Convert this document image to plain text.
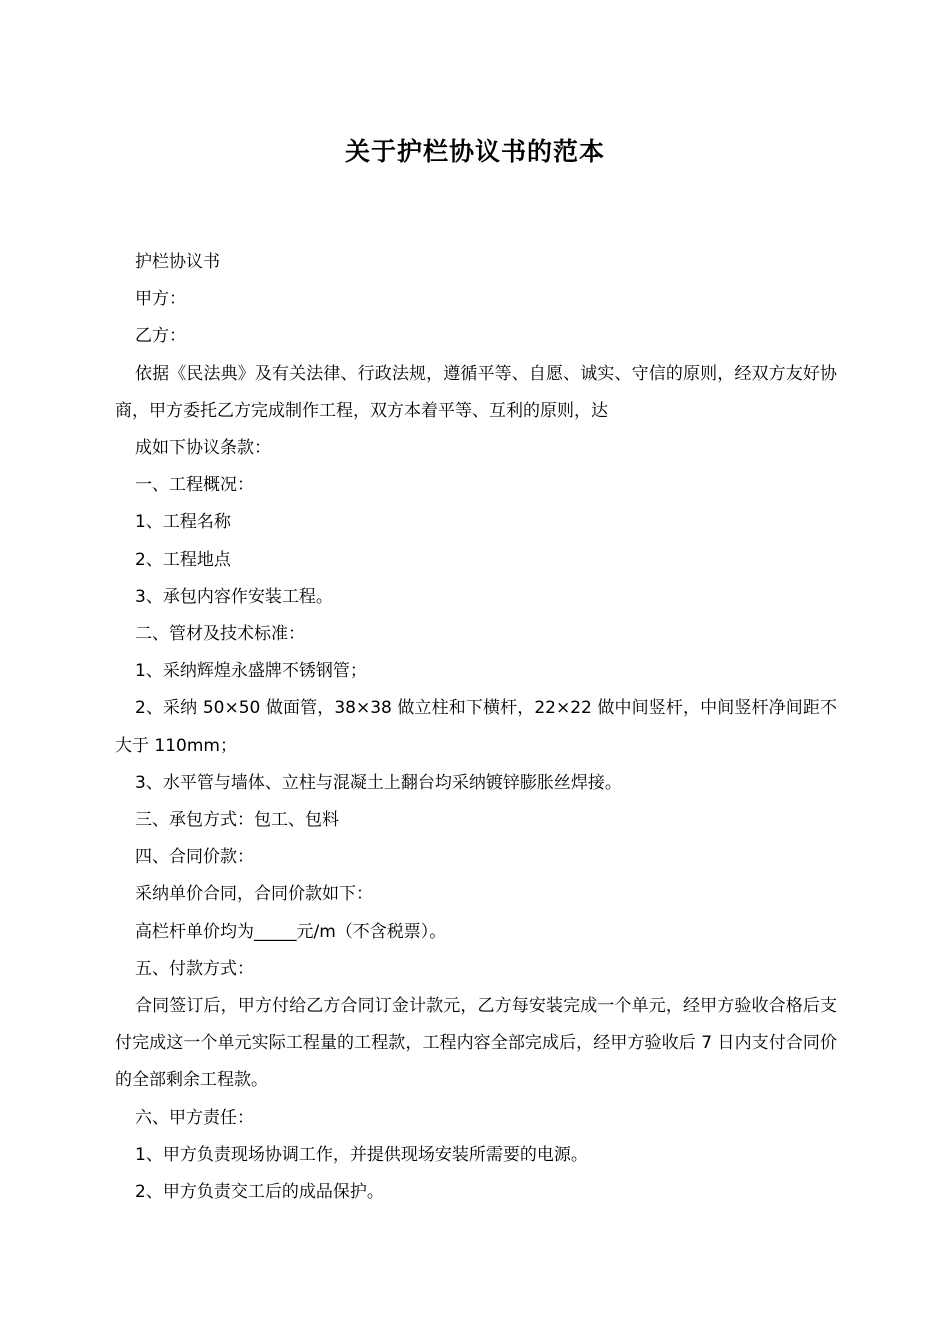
关于护栏协议书的范本

护栏协议书

甲方：

乙方：

依据《民法典》及有关法律、行政法规，遵循平等、自愿、诚实、守信的原则，经双方友好协商，甲方委托乙方完成制作工程，双方本着平等、互利的原则，达

成如下协议条款：

一、工程概况：

1、工程名称

2、工程地点

3、承包内容作安装工程。

二、管材及技术标准：

1、采纳辉煌永盛牌不锈钢管；

2、采纳 50×50 做面管，38×38 做立柱和下横杆，22×22 做中间竖杆，中间竖杆净间距不大于 110mm；

3、水平管与墙体、立柱与混凝土上翻台均采纳镀锌膨胀丝焊接。

三、承包方式：包工、包料

四、合同价款：

采纳单价合同，合同价款如下：

高栏杆单价均为_____元/m（不含税票）。

五、付款方式：

合同签订后，甲方付给乙方合同订金计款元，乙方每安装完成一个单元，经甲方验收合格后支付完成这一个单元实际工程量的工程款，工程内容全部完成后，经甲方验收后 7 日内支付合同价的全部剩余工程款。

六、甲方责任：

1、甲方负责现场协调工作，并提供现场安装所需要的电源。

2、甲方负责交工后的成品保护。
